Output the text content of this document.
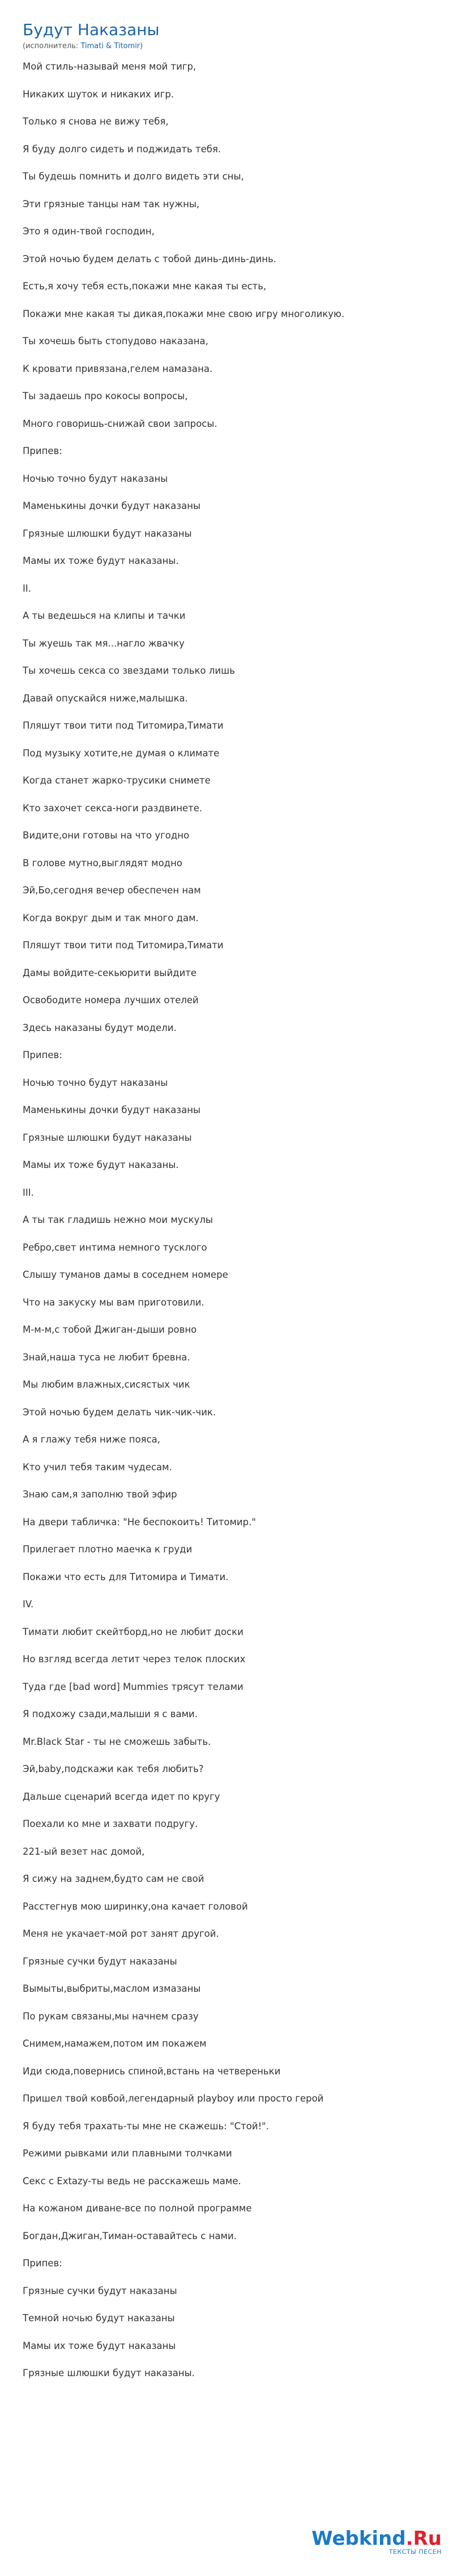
Будут Наказаны
(исполнитель: Timati & Titomir)
Мой стиль-называй меня мой тигр,
Никаких шуток и никаких игр.
Только я снова не вижу тебя,
Я буду долго сидеть и поджидать тебя.
Ты будешь помнить и долго видеть эти сны,
Эти грязные танцы нам так нужны,
Это я один-твой господин,
Этой ночью будем делать с тобой динь-динь-динь.
Есть,я хочу тебя есть,покажи мне какая ты есть,
Покажи мне какая ты дикая,покажи мне свою игру многоликую.
Ты хочешь быть стопудово наказана,
К кровати привязана,гелем намазана.
Ты задаешь про кокосы вопросы,
Много говоришь-снижай свои запросы.
Припев:
Ночью точно будут наказаны
Маменькины дочки будут наказаны
Грязные шлюшки будут наказаны
Мамы их тоже будут наказаны.
II.
А ты ведешься на клипы и тачки
Ты жуешь так мя...нагло жвачку
Ты хочешь секса со звездами только лишь
Давай опускайся ниже,малышка.
Пляшут твои тити под Титомира,Тимати
Под музыку хотите,не думая о климате
Когда станет жарко-трусики снимете
Кто захочет секса-ноги раздвинете.
Видите,они готовы на что угодно
В голове мутно,выглядят модно
Эй,Бо,сегодня вечер обеспечен нам
Когда вокруг дым и так много дам.
Пляшут твои тити под Титомира,Тимати
Дамы войдите-секьюрити выйдите
Освободите номера лучших отелей
Здесь наказаны будут модели.
Припев:
Ночью точно будут наказаны
Маменькины дочки будут наказаны
Грязные шлюшки будут наказаны
Мамы их тоже будут наказаны.
III.
А ты так гладишь нежно мои мускулы
Ребро,свет интима немного тусклого
Слышу туманов дамы в соседнем номере
Что на закуску мы вам приготовили.
М-м-м,с тобой Джиган-дыши ровно
Знай,наша туса не любит бревна.
Мы любим влажных,сисястых чик
Этой ночью будем делать чик-чик-чик.
А я глажу тебя ниже пояса,
Кто учил тебя таким чудесам.
Знаю сам,я заполню твой эфир
На двери табличка: "Не беспокоить! Титомир."
Прилегает плотно маечка к груди
Покажи что есть для Титомира и Тимати.
IV.
Тимати любит скейтборд,но не любит доски
Но взгляд всегда летит через телок плоских
Туда где [bad word] Mummies трясут телами
Я подхожу сзади,малыши я с вами.
Mr.Black Star - ты не сможешь забыть.
Эй,baby,подскажи как тебя любить?
Дальше сценарий всегда идет по кругу
Поехали ко мне и захвати подругу.
221-ый везет нас домой,
Я сижу на заднем,будто сам не свой
Расстегнув мою ширинку,она качает головой
Меня не укачает-мой рот занят другой.
Грязные сучки будут наказаны
Вымыты,выбриты,маслом измазаны
По рукам связаны,мы начнем сразу
Снимем,намажем,потом им покажем
Иди сюда,повернись спиной,встань на четвереньки
Пришел твой ковбой,легендарный playboy или просто герой
Я буду тебя трахать-ты мне не скажешь: "Стой!".
Режими рывками или плавными толчками
Секс с Extazy-ты ведь не расскажешь маме.
На кожаном диване-все по полной программе
Богдан,Джиган,Тиман-оставайтесь с нами.
Припев:
Грязные сучки будут наказаны
Темной ночью будут наказаны
Мамы их тоже будут наказаны
Грязные шлюшки будут наказаны.
Webkind.Ru
ТЕКСТЫ ПЕСЕН
